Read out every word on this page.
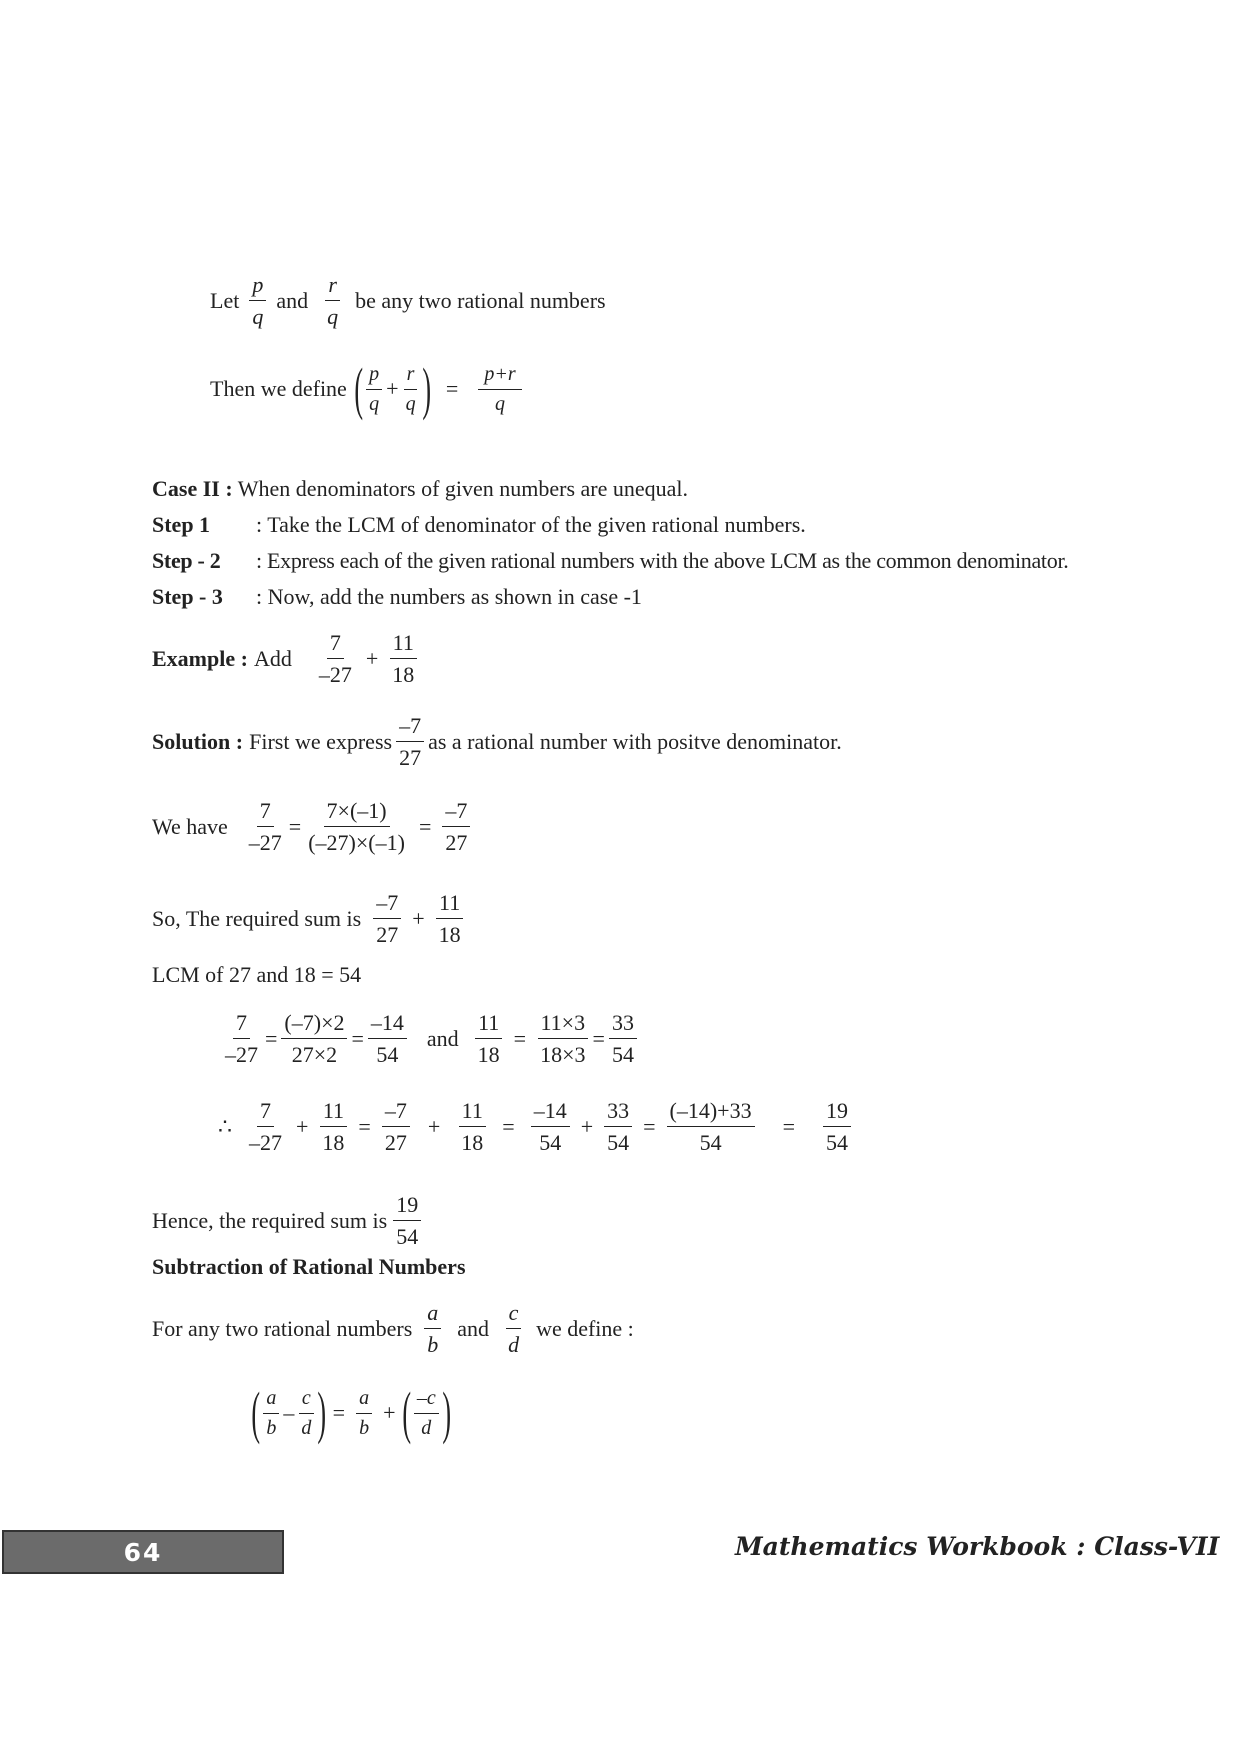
Let $\frac{p}{q}$ and $\frac{r}{q}$ be any two rational numbers
Then we define ( $\frac{p}{q} + \frac{r}{q}$ ) = $\frac{p+r}{q}$
Case II : When denominators of given numbers are unequal.
Step 1 : Take the LCM of denominator of the given rational numbers.
Step - 2 : Express each of the given rational numbers with the above LCM as the common denominator.
Step - 3 : Now, add the numbers as shown in case -1
Example : Add $\frac{7}{-27} + \frac{11}{18}$
Solution : First we express $\frac{-7}{27}$ as a rational number with positve denominator.
We have $\frac{7}{-27} = \frac{7\times(-1)}{(-27)\times(-1)} = \frac{-7}{27}$
So, The required sum is $\frac{-7}{27} + \frac{11}{18}$
LCM of 27 and 18 = 54
$\frac{7}{-27} = \frac{(-7)\times 2}{27\times 2} = \frac{-14}{54}$ and $\frac{11}{18} = \frac{11\times 3}{18\times 3} = \frac{33}{54}$
∴ $\frac{7}{-27} + \frac{11}{18} = \frac{-7}{27} + \frac{11}{18} = \frac{-14}{54} + \frac{33}{54} = \frac{(-14)+33}{54} = \frac{19}{54}$
Hence, the required sum is $\frac{19}{54}$
Subtraction of Rational Numbers
For any two rational numbers $\frac{a}{b}$ and $\frac{c}{d}$ we define :
( $\frac{a}{b} - \frac{c}{d}$ ) = $\frac{a}{b}$ + ( $\frac{-c}{d}$ )
64	Mathematics Workbook : Class-VII
